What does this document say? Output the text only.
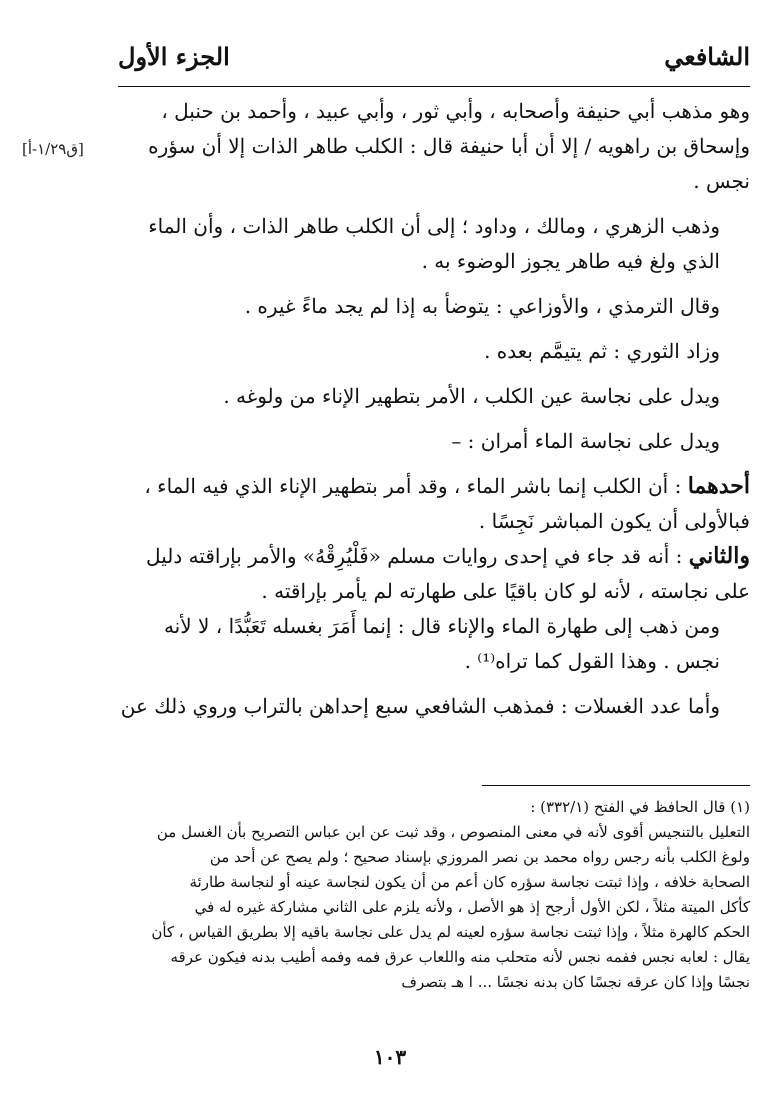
الشافعي
الجزء الأول
[ق١/٢٩-أ]

وهو مذهب أبي حنيفة وأصحابه ، وأبي ثور ، وأبي عبيد ، وأحمد بن حنبل ، وإسحاق بن راهويه / إلا أن أبا حنيفة قال : الكلب طاهر الذات إلا أن سؤره نجس .

وذهب الزهري ، ومالك ، وداود ؛ إلى أن الكلب طاهر الذات ، وأن الماء الذي ولغ فيه طاهر يجوز الوضوء به .

وقال الترمذي ، والأوزاعي : يتوضأ به إذا لم يجد ماءً غيره .

وزاد الثوري : ثم يتيمَّم بعده .

ويدل على نجاسة عين الكلب ، الأمر بتطهير الإناء من ولوغه .

ويدل على نجاسة الماء أمران : –

أحدهما : أن الكلب إنما باشر الماء ، وقد أمر بتطهير الإناء الذي فيه الماء ، فبالأولى أن يكون المباشر نَجِسًا .

والثاني : أنه قد جاء في إحدى روايات مسلم «فَلْيُرِقْهُ» والأمر بإراقته دليل على نجاسته ، لأنه لو كان باقيًا على طهارته لم يأمر بإراقته .

ومن ذهب إلى طهارة الماء والإناء قال : إنما أَمَرَ بغسله تَعَبُّدًا ، لا لأنه نجس . وهذا القول كما تراه⁽¹⁾ .

وأما عدد الغسلات : فمذهب الشافعي سبع إحداهن بالتراب وروي ذلك عن

(١) قال الحافظ في الفتح (٣٣٢/١) :

التعليل بالتنجيس أقوى لأنه في معنى المنصوص ، وقد ثبت عن ابن عباس التصريح بأن الغسل من

ولوغ الكلب بأنه رجس رواه محمد بن نصر المروزي بإسناد صحيح ؛ ولم يصح عن أحد من

الصحابة خلافه ، وإذا ثبتت نجاسة سؤره كان أعم من أن يكون لنجاسة عينه أو لنجاسة طارئة

كأكل الميتة مثلاً ، لكن الأول أرجح إذ هو الأصل ، ولأنه يلزم على الثاني مشاركة غيره له في

الحكم كالهرة مثلاً ، وإذا ثبتت نجاسة سؤره لعينه لم يدل على نجاسة باقيه إلا بطريق القياس ، كأن

يقال : لعابه نجس ففمه نجس لأنه متحلب منه واللعاب عرق فمه وفمه أطيب بدنه فيكون عرقه

نجسًا وإذا كان عرقه نجسًا كان بدنه نجسًا ... ا هـ بتصرف

١٠٣
